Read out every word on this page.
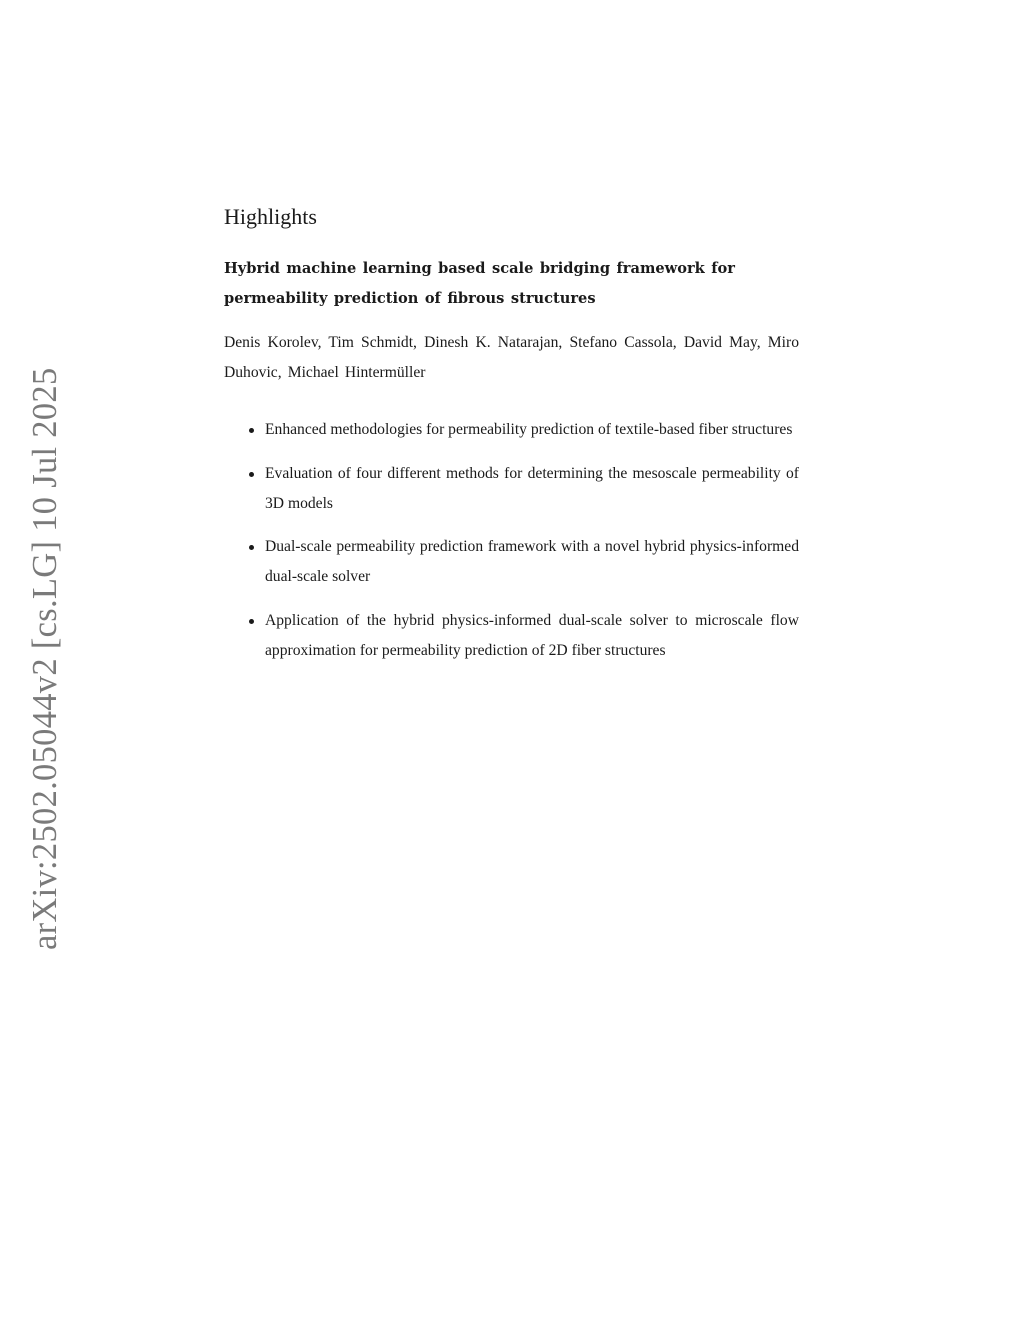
arXiv:2502.05044v2 [cs.LG] 10 Jul 2025
Highlights

Hybrid machine learning based scale bridging framework for permeability prediction of fibrous structures

Denis Korolev, Tim Schmidt, Dinesh K. Natarajan, Stefano Cassola, David May, Miro Duhovic, Michael Hintermüller

Enhanced methodologies for permeability prediction of textile-based fiber structures
Evaluation of four different methods for determining the mesoscale permeability of 3D models
Dual-scale permeability prediction framework with a novel hybrid physics-informed dual-scale solver
Application of the hybrid physics-informed dual-scale solver to microscale flow approximation for permeability prediction of 2D fiber structures
